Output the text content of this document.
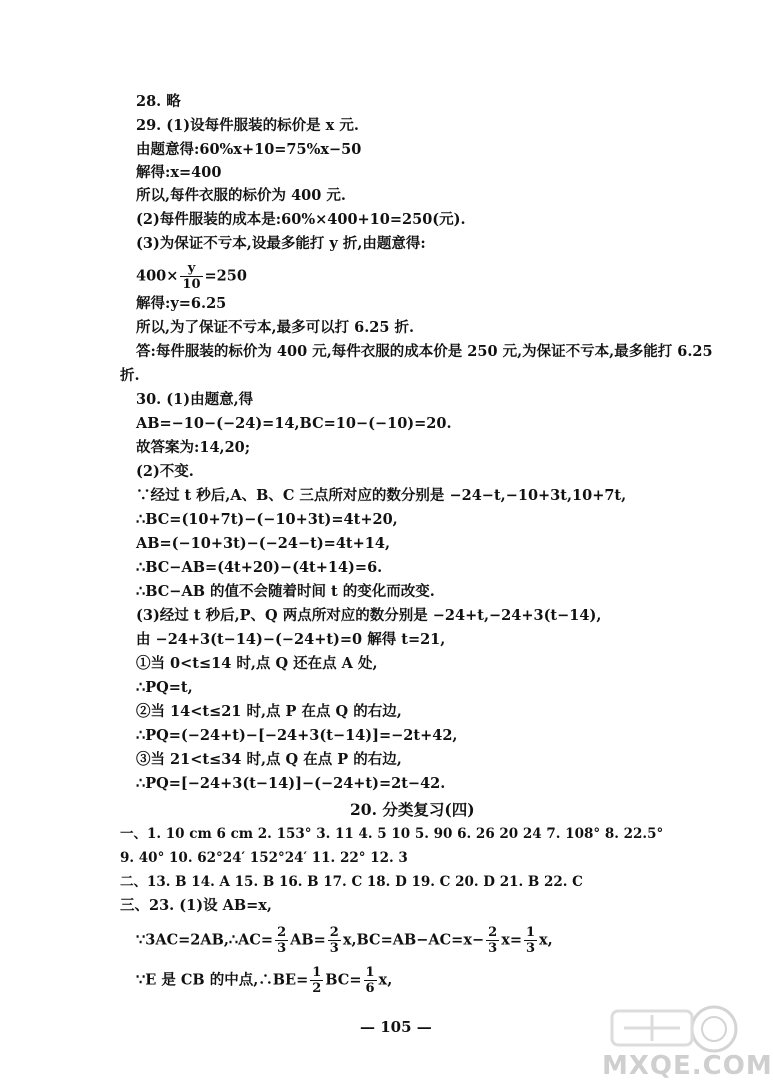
28. 略
29. (1)设每件服装的标价是 x 元.
由题意得:60%x+10=75%x−50
解得:x=400
所以,每件衣服的标价为 400 元.
(2)每件服装的成本是:60%×400+10=250(元).
(3)为保证不亏本,设最多能打 y 折,由题意得:
$400\times \frac{y}{10} =250$
解得:y=6.25
所以,为了保证不亏本,最多可以打 6.25 折.
答:每件服装的标价为 400 元,每件衣服的成本价是 250 元,为保证不亏本,最多能打 6.25
折.
30. (1)由题意,得
AB=−10−(−24)=14,BC=10−(−10)=20.
故答案为:14,20;
(2)不变.
∵经过 t 秒后,A、B、C 三点所对应的数分别是 −24−t,−10+3t,10+7t,
∴BC=(10+7t)−(−10+3t)=4t+20,
AB=(−10+3t)−(−24−t)=4t+14,
∴BC−AB=(4t+20)−(4t+14)=6.
∴BC−AB 的值不会随着时间 t 的变化而改变.
(3)经过 t 秒后,P、Q 两点所对应的数分别是 −24+t,−24+3(t−14),
由 −24+3(t−14)−(−24+t)=0 解得 t=21,
①当 0<t≤14 时,点 Q 还在点 A 处,
∴PQ=t,
②当 14<t≤21 时,点 P 在点 Q 的右边,
∴PQ=(−24+t)−[−24+3(t−14)]=−2t+42,
③当 21<t≤34 时,点 Q 在点 P 的右边,
∴PQ=[−24+3(t−14)]−(−24+t)=2t−42.
20. 分类复习(四)
一、1. 10 cm 6 cm 2. 153° 3. 11 4. 5 10 5. 90 6. 26 20 24 7. 108° 8. 22.5°
9. 40° 10. 62°24′ 152°24′ 11. 22° 12. 3
二、13. B 14. A 15. B 16. B 17. C 18. D 19. C 20. D 21. B 22. C
三、23. (1)设 AB=x,
∵3AC=2AB,∴AC= $\frac{2}{3} AB= \frac{2}{3} x,BC=AB-AC=x- \frac{2}{3} x= \frac{1}{3} x$,
∵E 是 CB 的中点,∴BE= $\frac{1}{2} BC= \frac{1}{6} x$,
— 105 —
MXQE.COM
